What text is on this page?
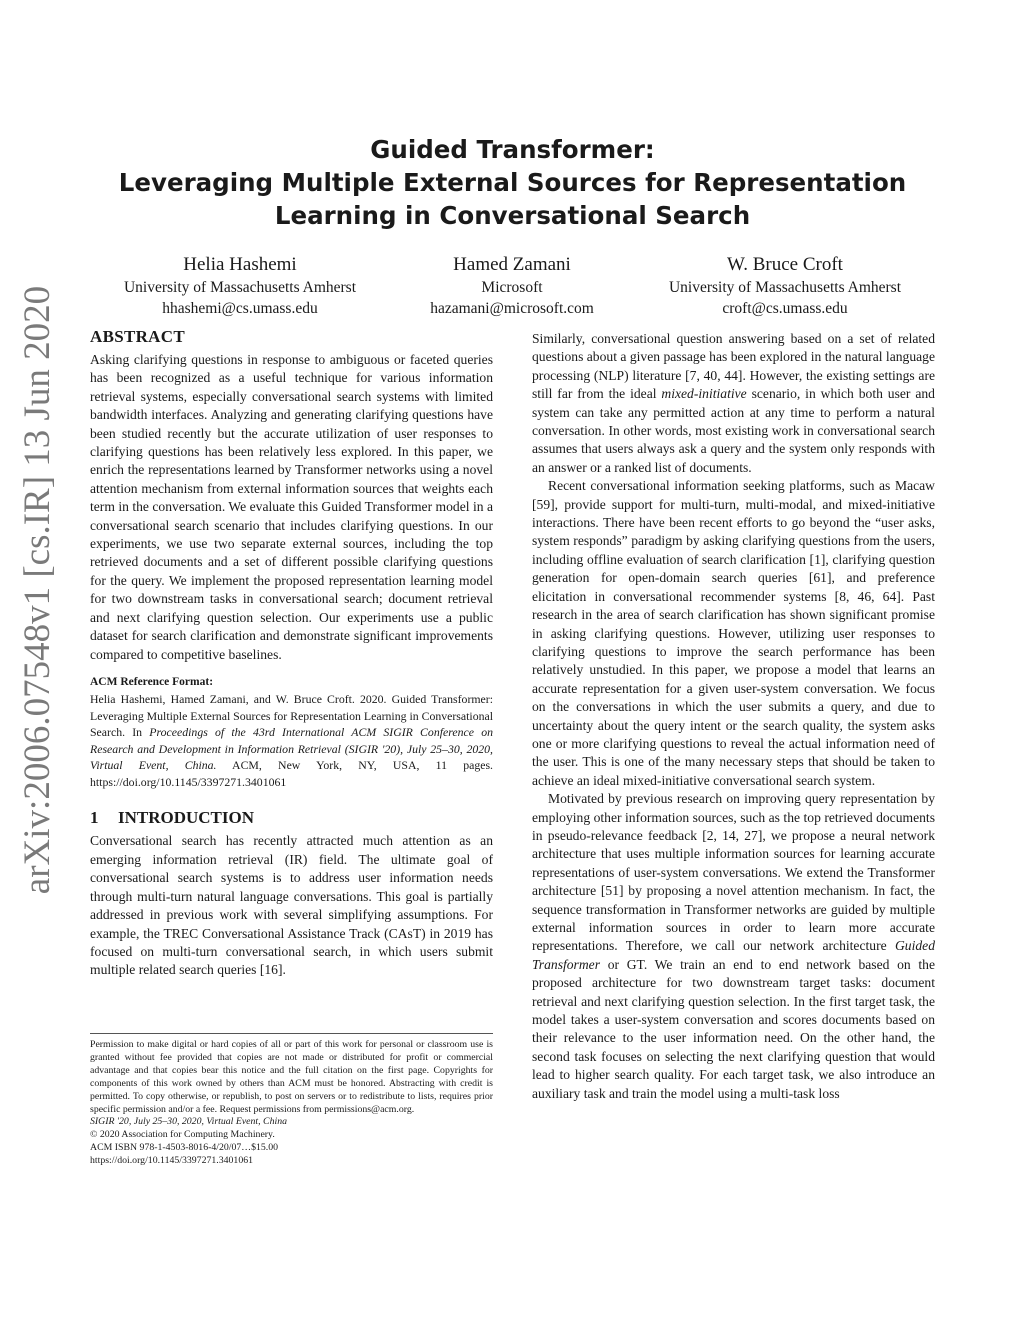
arXiv:2006.07548v1 [cs.IR] 13 Jun 2020
Guided Transformer:
Leveraging Multiple External Sources for Representation
Learning in Conversational Search
Helia Hashemi
University of Massachusetts Amherst
hhashemi@cs.umass.edu
Hamed Zamani
Microsoft
hazamani@microsoft.com
W. Bruce Croft
University of Massachusetts Amherst
croft@cs.umass.edu
ABSTRACT

Asking clarifying questions in response to ambiguous or faceted queries has been recognized as a useful technique for various information retrieval systems, especially conversational search systems with limited bandwidth interfaces. Analyzing and generating clarifying questions have been studied recently but the accurate utilization of user responses to clarifying questions has been relatively less explored. In this paper, we enrich the representations learned by Transformer networks using a novel attention mechanism from external information sources that weights each term in the conversation. We evaluate this Guided Transformer model in a conversational search scenario that includes clarifying questions. In our experiments, we use two separate external sources, including the top retrieved documents and a set of different possible clarifying questions for the query. We implement the proposed representation learning model for two downstream tasks in conversational search; document retrieval and next clarifying question selection. Our experiments use a public dataset for search clarification and demonstrate significant improvements compared to competitive baselines.

ACM Reference Format:

Helia Hashemi, Hamed Zamani, and W. Bruce Croft. 2020. Guided Transformer: Leveraging Multiple External Sources for Representation Learning in Conversational Search. In Proceedings of the 43rd International ACM SIGIR Conference on Research and Development in Information Retrieval (SIGIR '20), July 25–30, 2020, Virtual Event, China. ACM, New York, NY, USA, 11 pages. https://doi.org/10.1145/3397271.3401061

1 INTRODUCTION

Conversational search has recently attracted much attention as an emerging information retrieval (IR) field. The ultimate goal of conversational search systems is to address user information needs through multi-turn natural language conversations. This goal is partially addressed in previous work with several simplifying assumptions. For example, the TREC Conversational Assistance Track (CAsT) in 2019 has focused on multi-turn conversational search, in which users submit multiple related search queries [16].

Permission to make digital or hard copies of all or part of this work for personal or classroom use is granted without fee provided that copies are not made or distributed for profit or commercial advantage and that copies bear this notice and the full citation on the first page. Copyrights for components of this work owned by others than ACM must be honored. Abstracting with credit is permitted. To copy otherwise, or republish, to post on servers or to redistribute to lists, requires prior specific permission and/or a fee. Request permissions from permissions@acm.org.

SIGIR '20, July 25–30, 2020, Virtual Event, China
© 2020 Association for Computing Machinery.
ACM ISBN 978-1-4503-8016-4/20/07…$15.00
https://doi.org/10.1145/3397271.3401061

Similarly, conversational question answering based on a set of related questions about a given passage has been explored in the natural language processing (NLP) literature [7, 40, 44]. However, the existing settings are still far from the ideal mixed-initiative scenario, in which both user and system can take any permitted action at any time to perform a natural conversation. In other words, most existing work in conversational search assumes that users always ask a query and the system only responds with an answer or a ranked list of documents.

Recent conversational information seeking platforms, such as Macaw [59], provide support for multi-turn, multi-modal, and mixed-initiative interactions. There have been recent efforts to go beyond the “user asks, system responds” paradigm by asking clarifying questions from the users, including offline evaluation of search clarification [1], clarifying question generation for open-domain search queries [61], and preference elicitation in conversational recommender systems [8, 46, 64]. Past research in the area of search clarification has shown significant promise in asking clarifying questions. However, utilizing user responses to clarifying questions to improve the search performance has been relatively unstudied. In this paper, we propose a model that learns an accurate representation for a given user-system conversation. We focus on the conversations in which the user submits a query, and due to uncertainty about the query intent or the search quality, the system asks one or more clarifying questions to reveal the actual information need of the user. This is one of the many necessary steps that should be taken to achieve an ideal mixed-initiative conversational search system.

Motivated by previous research on improving query representation by employing other information sources, such as the top retrieved documents in pseudo-relevance feedback [2, 14, 27], we propose a neural network architecture that uses multiple information sources for learning accurate representations of user-system conversations. We extend the Transformer architecture [51] by proposing a novel attention mechanism. In fact, the sequence transformation in Transformer networks are guided by multiple external information sources in order to learn more accurate representations. Therefore, we call our network architecture Guided Transformer or GT. We train an end to end network based on the proposed architecture for two downstream target tasks: document retrieval and next clarifying question selection. In the first target task, the model takes a user-system conversation and scores documents based on their relevance to the user information need. On the other hand, the second task focuses on selecting the next clarifying question that would lead to higher search quality. For each target task, we also introduce an auxiliary task and train the model using a multi-task loss
